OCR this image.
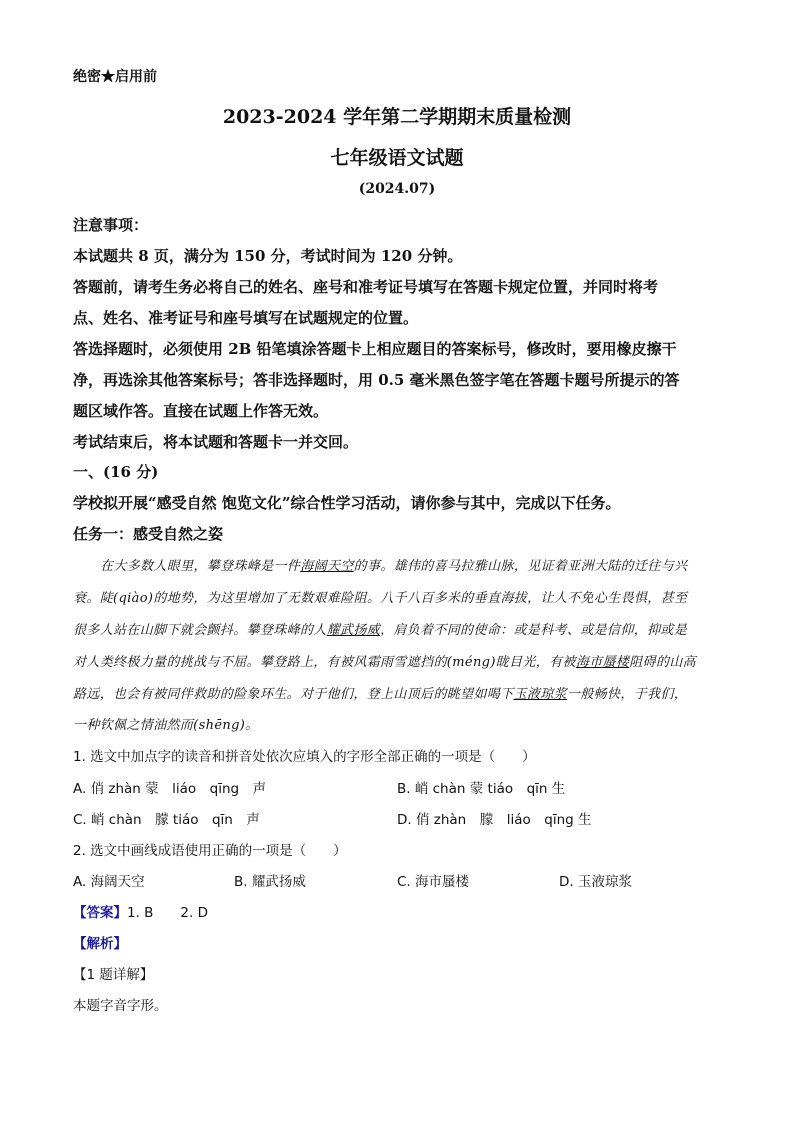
绝密★启用前
2023-2024 学年第二学期期末质量检测
七年级语文试题
(2024.07)
注意事项：
本试题共 8 页，满分为 150 分，考试时间为 120 分钟。
答题前，请考生务必将自己的姓名、座号和准考证号填写在答题卡规定位置，并同时将考
点、姓名、准考证号和座号填写在试题规定的位置。
答选择题时，必须使用 2B 铅笔填涂答题卡上相应题目的答案标号，修改时，要用橡皮擦干
净，再选涂其他答案标号；答非选择题时，用 0.5 毫米黑色签字笔在答题卡题号所提示的答
题区域作答。直接在试题上作答无效。
考试结束后，将本试题和答题卡一并交回。
一、(16 分)
学校拟开展“感受自然 饱览文化”综合性学习活动，请你参与其中，完成以下任务。
任务一：感受自然之姿
在大多数人眼里，攀登珠峰是一件海阔天空的事。雄伟的喜马拉雅山脉，见证着亚洲大陆的迁往与兴
衰。陡(qiào)的地势，为这里增加了无数艰难险阻。八千八百多米的垂直海拔，让人不免心生畏惧，甚至
很多人站在山脚下就会颤抖。攀登珠峰的人耀武扬威，肩负着不同的使命：或是科考、或是信仰，抑或是
对人类终极力量的挑战与不屈。攀登路上，有被风霜雨雪遮挡的(méng)眬目光，有被海市蜃楼阻碍的山高
路远，也会有被同伴救助的险象环生。对于他们，登上山顶后的眺望如喝下玉液琼浆一般畅快，于我们，
一种钦佩之情油然而(shēng)。
1. 选文中加点字的读音和拼音处依次应填入的字形全部正确的一项是（　　）
A. 俏 zhàn 蒙　liáo　qīng　声	B. 峭 chàn 蒙 tiáo　qīn 生
C. 峭 chàn　朦 tiáo　qīn　声	D. 俏 zhàn　朦　liáo　qīng 生
2. 选文中画线成语使用正确的一项是（　　）
A. 海阔天空	B. 耀武扬威	C. 海市蜃楼	D. 玉液琼浆
【答案】1. B　　2. D
【解析】
【1 题详解】
本题字音字形。
